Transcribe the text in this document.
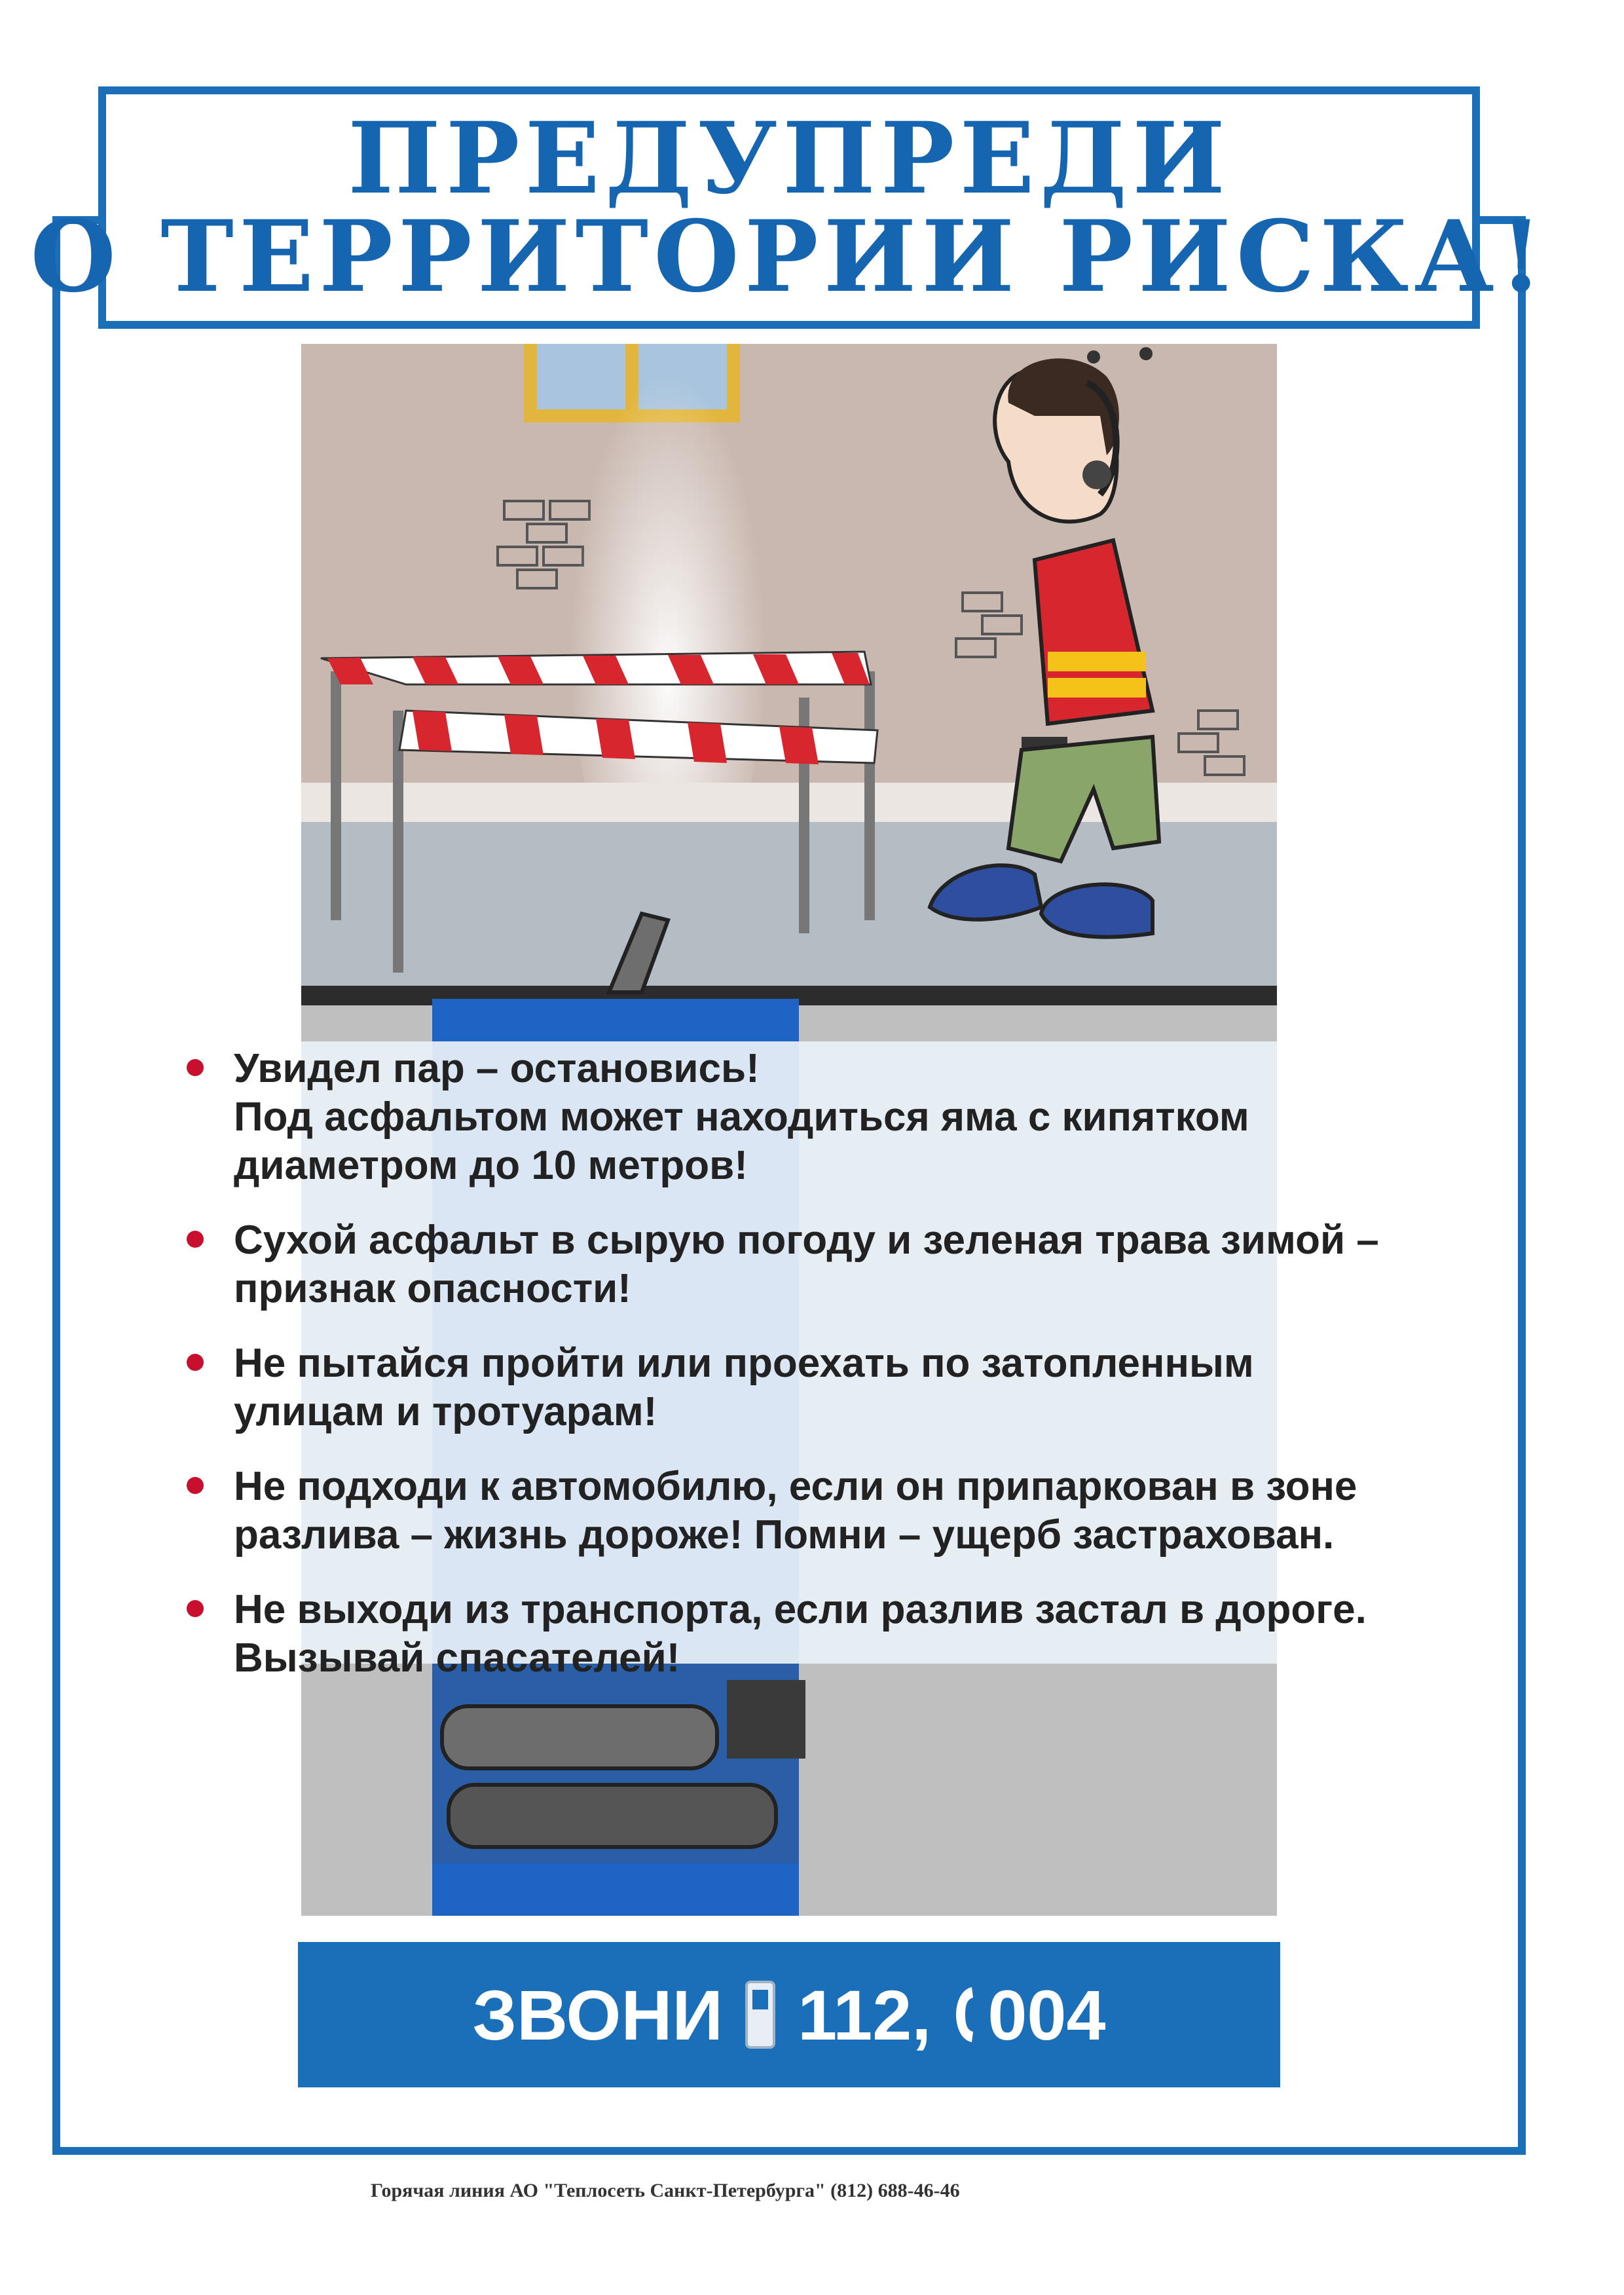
ПРЕДУПРЕДИ
О ТЕРРИТОРИИ РИСКА!
Увидел пар – остановись!
Под асфальтом может находиться яма с кипятком
диаметром до 10 метров!
Сухой асфальт в сырую погоду и зеленая трава зимой –
признак опасности!
Не пытайся пройти или проехать по затопленным
улицам и тротуарам!
Не подходи к автомобилю, если он припаркован в зоне
разлива – жизнь дороже! Помни – ущерб застрахован.
Не выходи из транспорта, если разлив застал в дороге.
Вызывай спасателей!
ЗВОНИ 112, 004
Горячая линия АО "Теплосеть Санкт-Петербурга" (812) 688-46-46
